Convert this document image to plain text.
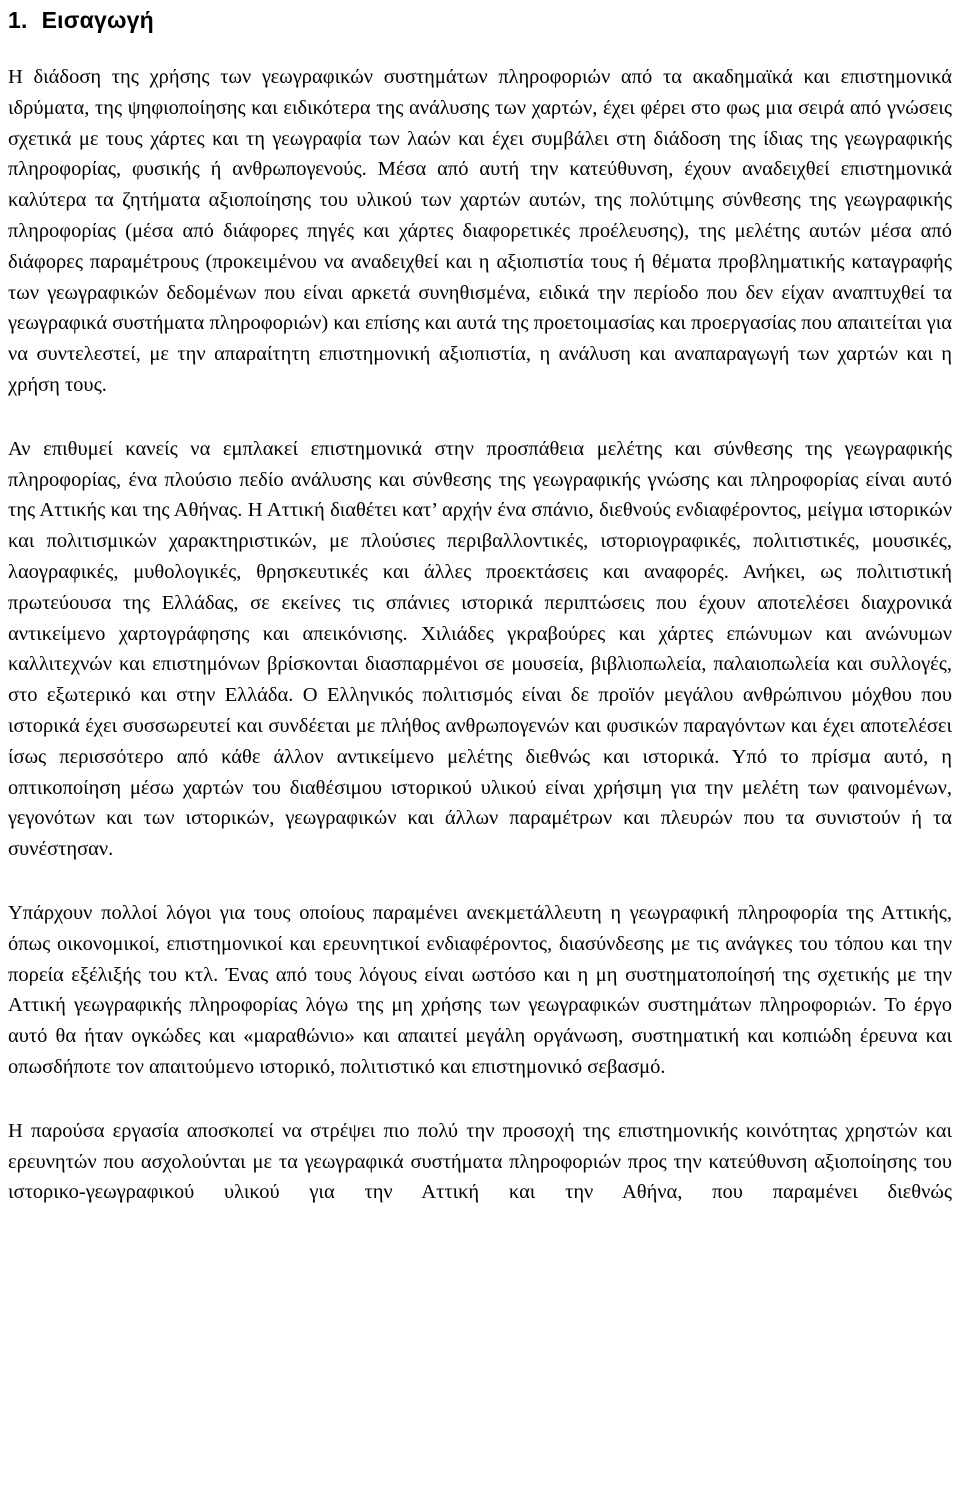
1. Εισαγωγή

Η διάδοση της χρήσης των γεωγραφικών συστημάτων πληροφοριών από τα ακαδημαϊκά και επιστημονικά ιδρύματα, της ψηφιοποίησης και ειδικότερα της ανάλυσης των χαρτών, έχει φέρει στο φως μια σειρά από γνώσεις σχετικά με τους χάρτες και τη γεωγραφία των λαών και έχει συμβάλει στη διάδοση της ίδιας της γεωγραφικής πληροφορίας, φυσικής ή ανθρωπογενούς. Μέσα από αυτή την κατεύθυνση, έχουν αναδειχθεί επιστημονικά καλύτερα τα ζητήματα αξιοποίησης του υλικού των χαρτών αυτών, της πολύτιμης σύνθεσης της γεωγραφικής πληροφορίας (μέσα από διάφορες πηγές και χάρτες διαφορετικές προέλευσης), της μελέτης αυτών μέσα από διάφορες παραμέτρους (προκειμένου να αναδειχθεί και η αξιοπιστία τους ή θέματα προβληματικής καταγραφής των γεωγραφικών δεδομένων που είναι αρκετά συνηθισμένα, ειδικά την περίοδο που δεν είχαν αναπτυχθεί τα γεωγραφικά συστήματα πληροφοριών) και επίσης και αυτά της προετοιμασίας και προεργασίας που απαιτείται για να συντελεστεί, με την απαραίτητη επιστημονική αξιοπιστία, η ανάλυση και αναπαραγωγή των χαρτών και η χρήση τους.

Αν επιθυμεί κανείς να εμπλακεί επιστημονικά στην προσπάθεια μελέτης και σύνθεσης της γεωγραφικής πληροφορίας, ένα πλούσιο πεδίο ανάλυσης και σύνθεσης της γεωγραφικής γνώσης και πληροφορίας είναι αυτό της Αττικής και της Αθήνας. Η Αττική διαθέτει κατ’ αρχήν ένα σπάνιο, διεθνούς ενδιαφέροντος, μείγμα ιστορικών και πολιτισμικών χαρακτηριστικών, με πλούσιες περιβαλλοντικές, ιστοριογραφικές, πολιτιστικές, μουσικές, λαογραφικές, μυθολογικές, θρησκευτικές και άλλες προεκτάσεις και αναφορές. Ανήκει, ως πολιτιστική πρωτεύουσα της Ελλάδας, σε εκείνες τις σπάνιες ιστορικά περιπτώσεις που έχουν αποτελέσει διαχρονικά αντικείμενο χαρτογράφησης και απεικόνισης. Χιλιάδες γκραβούρες και χάρτες επώνυμων και ανώνυμων καλλιτεχνών και επιστημόνων βρίσκονται διασπαρμένοι σε μουσεία, βιβλιοπωλεία, παλαιοπωλεία και συλλογές, στο εξωτερικό και στην Ελλάδα. Ο Ελληνικός πολιτισμός είναι δε προϊόν μεγάλου ανθρώπινου μόχθου που ιστορικά έχει συσσωρευτεί και συνδέεται με πλήθος ανθρωπογενών και φυσικών παραγόντων και έχει αποτελέσει ίσως περισσότερο από κάθε άλλον αντικείμενο μελέτης διεθνώς και ιστορικά. Υπό το πρίσμα αυτό, η οπτικοποίηση μέσω χαρτών του διαθέσιμου ιστορικού υλικού είναι χρήσιμη για την μελέτη των φαινομένων, γεγονότων και των ιστορικών, γεωγραφικών και άλλων παραμέτρων και πλευρών που τα συνιστούν ή τα συνέστησαν.

Υπάρχουν πολλοί λόγοι για τους οποίους παραμένει ανεκμετάλλευτη η γεωγραφική πληροφορία της Αττικής, όπως οικονομικοί, επιστημονικοί και ερευνητικοί ενδιαφέροντος, διασύνδεσης με τις ανάγκες του τόπου και την πορεία εξέλιξής του κτλ. Ένας από τους λόγους είναι ωστόσο και η μη συστηματοποίησή της σχετικής με την Αττική γεωγραφικής πληροφορίας λόγω της μη χρήσης των γεωγραφικών συστημάτων πληροφοριών. Το έργο αυτό θα ήταν ογκώδες και «μαραθώνιο» και απαιτεί μεγάλη οργάνωση, συστηματική και κοπιώδη έρευνα και οπωσδήποτε τον απαιτούμενο ιστορικό, πολιτιστικό και επιστημονικό σεβασμό.

Η παρούσα εργασία αποσκοπεί να στρέψει πιο πολύ την προσοχή της επιστημονικής κοινότητας χρηστών και ερευνητών που ασχολούνται με τα γεωγραφικά συστήματα πληροφοριών προς την κατεύθυνση αξιοποίησης του ιστορικο-γεωγραφικού υλικού για την Αττική και την Αθήνα, που παραμένει διεθνώς
